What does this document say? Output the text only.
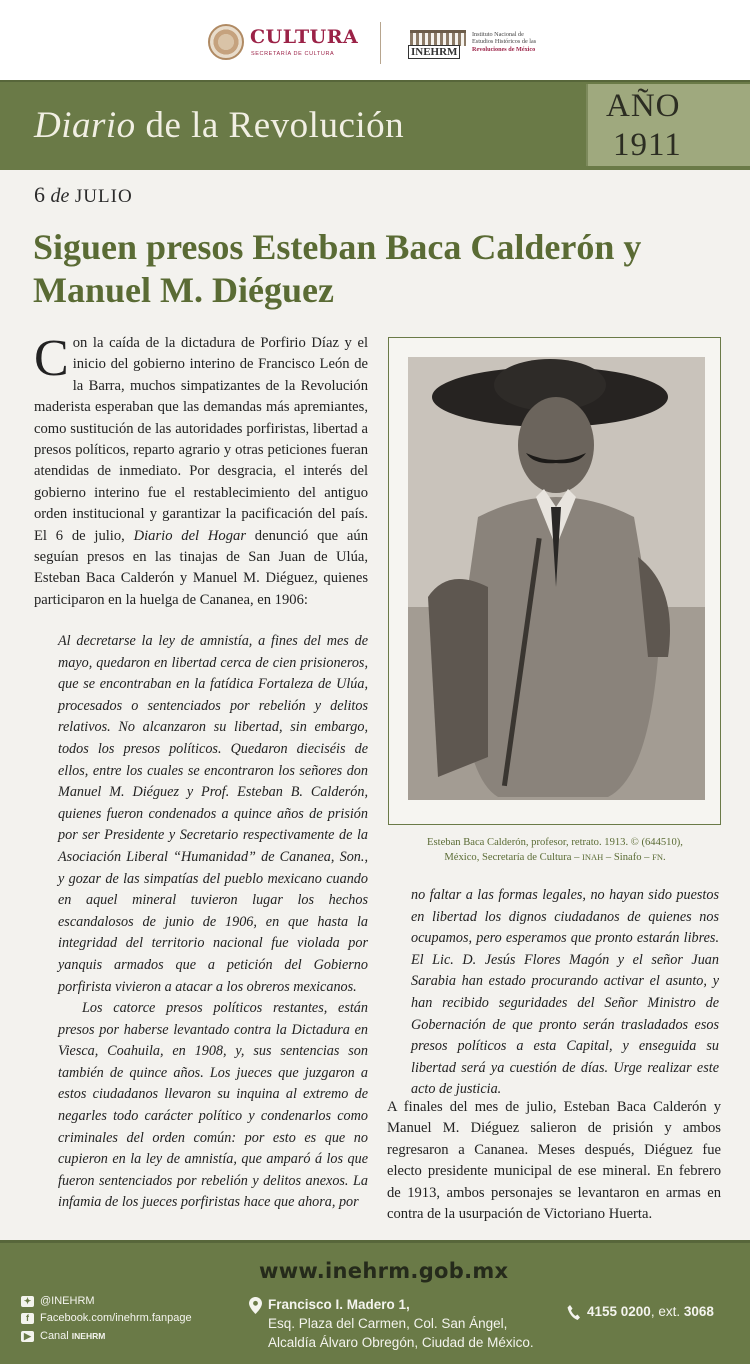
CULTURA
SECRETARÍA DE CULTURA	INEHRM
Instituto Nacional de
Estudios Históricos de las
Revoluciones de México
Diario de la Revolución	AÑO
1911
6 de JULIO
Siguen presos Esteban Baca Calderón y Manuel M. Diéguez
Con la caída de la dictadura de Porfirio Díaz y el inicio del gobierno interino de Francisco León de la Barra, muchos simpatizantes de la Revolución maderista esperaban que las demandas más apremiantes, como sustitución de las autoridades porfiristas, libertad a presos políticos, reparto agrario y otras peticiones fueran atendidas de inmediato. Por desgracia, el interés del gobierno interino fue el restablecimiento del antiguo orden institucional y garantizar la pacificación del país. El 6 de julio, Diario del Hogar denunció que aún seguían presos en las tinajas de San Juan de Ulúa, Esteban Baca Calderón y Manuel M. Diéguez, quienes participaron en la huelga de Cananea, en 1906:

Al decretarse la ley de amnistía, a fines del mes de mayo, quedaron en libertad cerca de cien prisioneros, que se encontraban en la fatídica Fortaleza de Ulúa, procesados o sentenciados por rebelión y delitos relativos. No alcanzaron su libertad, sin embargo, todos los presos políticos. Quedaron dieciséis de ellos, entre los cuales se encontraron los señores don Manuel M. Diéguez y Prof. Esteban B. Calderón, quienes fueron condenados a quince años de prisión por ser Presidente y Secretario respectivamente de la Asociación Liberal “Humanidad” de Cananea, Son., y gozar de las simpatías del pueblo mexicano cuando en aquel mineral tuvieron lugar los hechos escandalosos de junio de 1906, en que hasta la integridad del territorio nacional fue violada por yanquis armados que a petición del Gobierno porfirista vivieron a atacar a los obreros mexicanos.

Los catorce presos políticos restantes, están presos por haberse levantado contra la Dictadura en Viesca, Coahuila, en 1908, y, sus sentencias son también de quince años. Los jueces que juzgaron a estos ciudadanos llevaron su inquina al extremo de negarles todo carácter político y condenarlos como criminales del orden común: por esto es que no cupieron en la ley de amnistía, que amparó á los que fueron sentenciados por rebelión y delitos anexos. La infamia de los jueces porfiristas hace que ahora, por

Esteban Baca Calderón, profesor, retrato. 1913. © (644510),
México, Secretaría de Cultura – INAH – Sinafo – FN.
no faltar a las formas legales, no hayan sido puestos en libertad los dignos ciudadanos de quienes nos ocupamos, pero esperamos que pronto estarán libres. El Lic. D. Jesús Flores Magón y el señor Juan Sarabia han estado procurando activar el asunto, y han recibido seguridades del Señor Ministro de Gobernación de que pronto serán trasladados esos presos políticos a esta Capital, y enseguida su libertad será ya cuestión de días. Urge realizar este acto de justicia.
A finales del mes de julio, Esteban Baca Calderón y Manuel M. Diéguez salieron de prisión y ambos regresaron a Cananea. Meses después, Diéguez fue electo presidente municipal de ese mineral. En febrero de 1913, ambos personajes se levantaron en armas en contra de la usurpación de Victoriano Huerta.
www.inehrm.gob.mx
✦ @INEHRM
f	Facebook.com/inehrm.fanpage
▶ Canal INEHRM
Francisco I. Madero 1,
Esq. Plaza del Carmen, Col. San Ángel,
Alcaldía Álvaro Obregón, Ciudad de México.
4155 0200, ext. 3068
